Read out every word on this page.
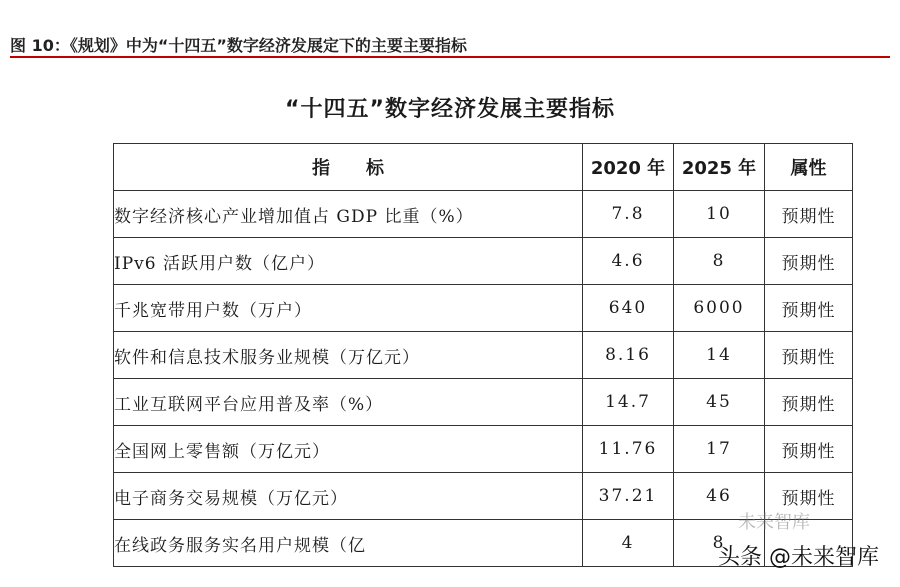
图 10：《规划》中为“十四五”数字经济发展定下的主要主要指标
“十四五”数字经济发展主要指标
指　　标	2020 年	2025 年	属性
数字经济核心产业增加值占 GDP 比重（%）	7.8	10	预期性
IPv6 活跃用户数（亿户）	4.6	8	预期性
千兆宽带用户数（万户）	640	6000	预期性
软件和信息技术服务业规模（万亿元）	8.16	14	预期性
工业互联网平台应用普及率（%）	14.7	45	预期性
全国网上零售额（万亿元）	11.76	17	预期性
电子商务交易规模（万亿元）	37.21	46	预期性
在线政务服务实名用户规模（亿	4	8	
未来智库
头条 @未来智库
